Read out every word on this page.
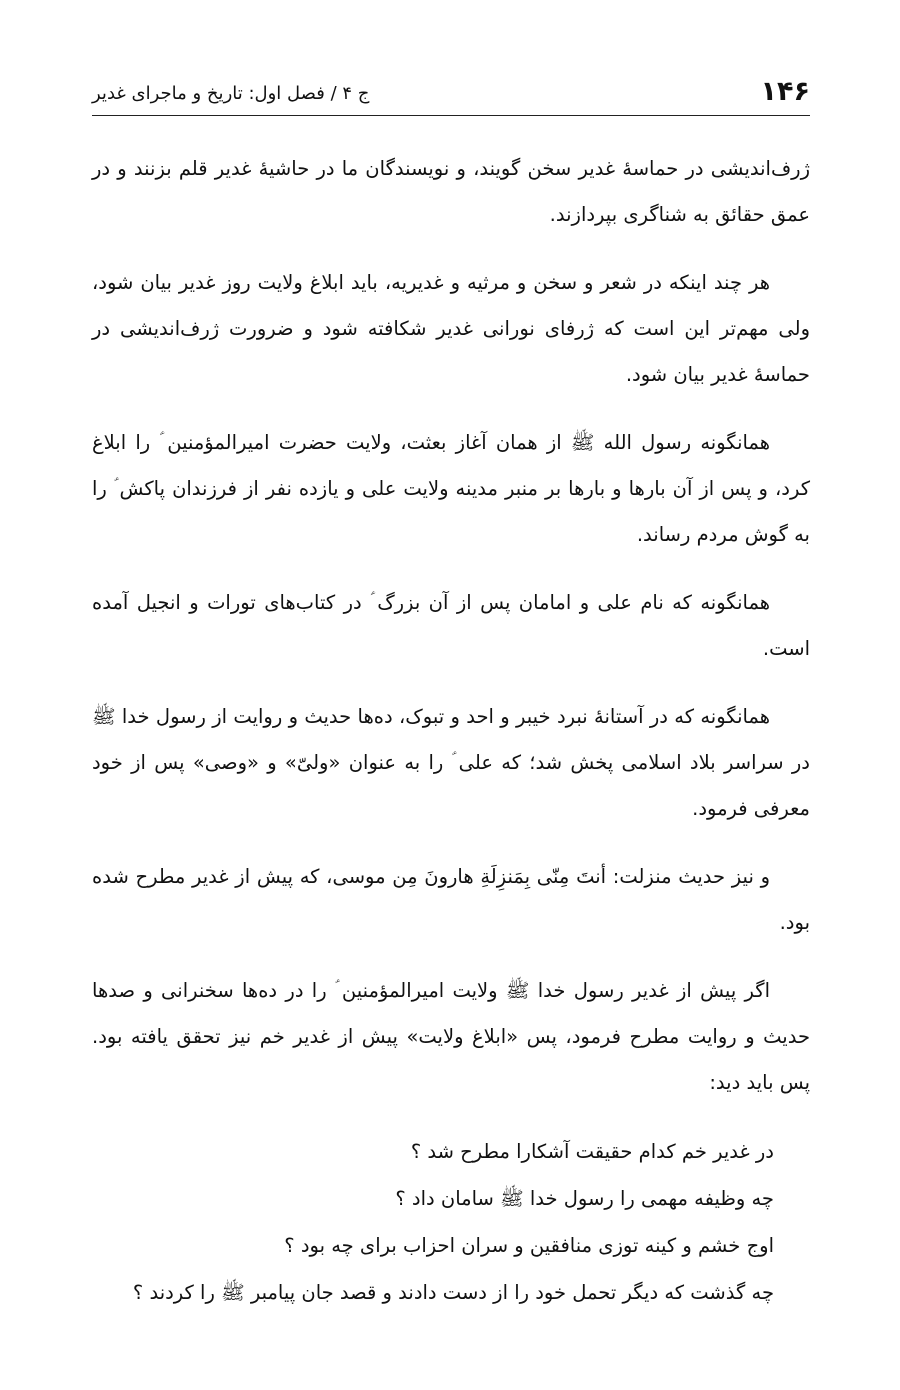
۱۴۶
ج ۴ / فصل اول: تاریخ و ماجرای غدیر

ژرف‌اندیشی در حماسهٔ غدیر سخن گویند، و نویسندگان ما در حاشیهٔ غدیر قلم بزنند و در عمق حقائق به شناگری بپردازند.

هر چند اینکه در شعر و سخن و مرثیه و غدیریه، باید ابلاغ ولایت روز غدیر بیان شود، ولی مهم‌تر این است که ژرفای نورانی غدیر شکافته شود و ضرورت ژرف‌اندیشی در حماسهٔ غدیر بیان شود.

همانگونه رسول الله ﷺ از همان آغاز بعثت، ولایت حضرت امیرالمؤمنین ؑ را ابلاغ کرد، و پس از آن بارها و بارها بر منبر مدینه ولایت علی و یازده نفر از فرزندان پاکش ؑ را به گوش مردم رساند.

همانگونه که نام علی و امامان پس از آن بزرگ ؑ در کتاب‌های تورات و انجیل آمده است.

همانگونه که در آستانهٔ نبرد خیبر و احد و تبوک، ده‌ها حدیث و روایت از رسول خدا ﷺ در سراسر بلاد اسلامی پخش شد؛ که علی ؑ را به عنوان «ولیّ» و «وصی» پس از خود معرفی فرمود.

و نیز حدیث منزلت: أنتَ مِنّی بِمَنزِلَةِ هارونَ مِن موسی، که پیش از غدیر مطرح شده بود.

اگر پیش از غدیر رسول خدا ﷺ ولایت امیرالمؤمنین ؑ را در ده‌ها سخنرانی و صدها حدیث و روایت مطرح فرمود، پس «ابلاغ ولایت» پیش از غدیر خم نیز تحقق یافته بود. پس باید دید:

در غدیر خم کدام حقیقت آشکارا مطرح شد ؟
چه وظیفه مهمی را رسول خدا ﷺ سامان داد ؟
اوج خشم و کینه توزی منافقین و سران احزاب برای چه بود ؟
چه گذشت که دیگر تحمل خود را از دست دادند و قصد جان پیامبر ﷺ را کردند ؟
